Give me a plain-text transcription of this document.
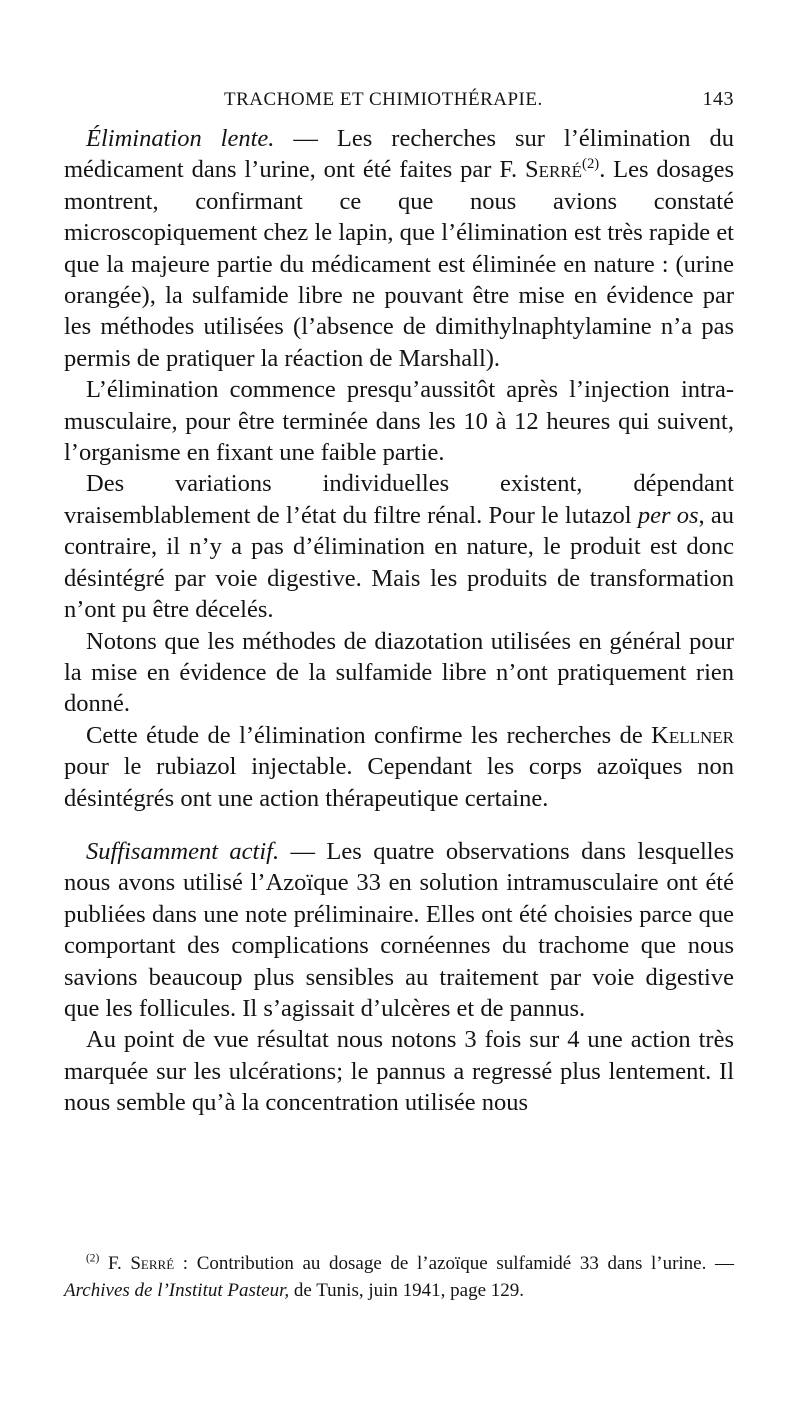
TRACHOME ET CHIMIOTHÉRAPIE.	143

Élimination lente. — Les recherches sur l’élimination du médicament dans l’urine, ont été faites par F. Serré$^{(2)}$. Les dosages montrent, confirmant ce que nous avions constaté microscopiquement chez le lapin, que l’élimination est très rapide et que la majeure partie du médicament est éliminée en nature : (urine orangée), la sulfamide libre ne pouvant être mise en évidence par les méthodes utilisées (l’absence de dimithylnaphtylamine n’a pas permis de pratiquer la réaction de Marshall).

L’élimination commence presqu’aussitôt après l’injection intra-musculaire, pour être terminée dans les 10 à 12 heures qui suivent, l’organisme en fixant une faible partie.

Des variations individuelles existent, dépendant vraisemblablement de l’état du filtre rénal. Pour le lutazol per os, au contraire, il n’y a pas d’élimination en nature, le produit est donc désintégré par voie digestive. Mais les produits de transformation n’ont pu être décelés.

Notons que les méthodes de diazotation utilisées en général pour la mise en évidence de la sulfamide libre n’ont pratiquement rien donné.

Cette étude de l’élimination confirme les recherches de Kellner pour le rubiazol injectable. Cependant les corps azoïques non désintégrés ont une action thérapeutique certaine.

Suffisamment actif. — Les quatre observations dans lesquelles nous avons utilisé l’Azoïque 33 en solution intramusculaire ont été publiées dans une note préliminaire. Elles ont été choisies parce que comportant des complications cornéennes du trachome que nous savions beaucoup plus sensibles au traitement par voie digestive que les follicules. Il s’agissait d’ulcères et de pannus.

Au point de vue résultat nous notons 3 fois sur 4 une action très marquée sur les ulcérations; le pannus a regressé plus lentement. Il nous semble qu’à la concentration utilisée nous

$^{(2)}$ F. Serré : Contribution au dosage de l’azoïque sulfamidé 33 dans l’urine. — Archives de l’Institut Pasteur, de Tunis, juin 1941, page 129.
